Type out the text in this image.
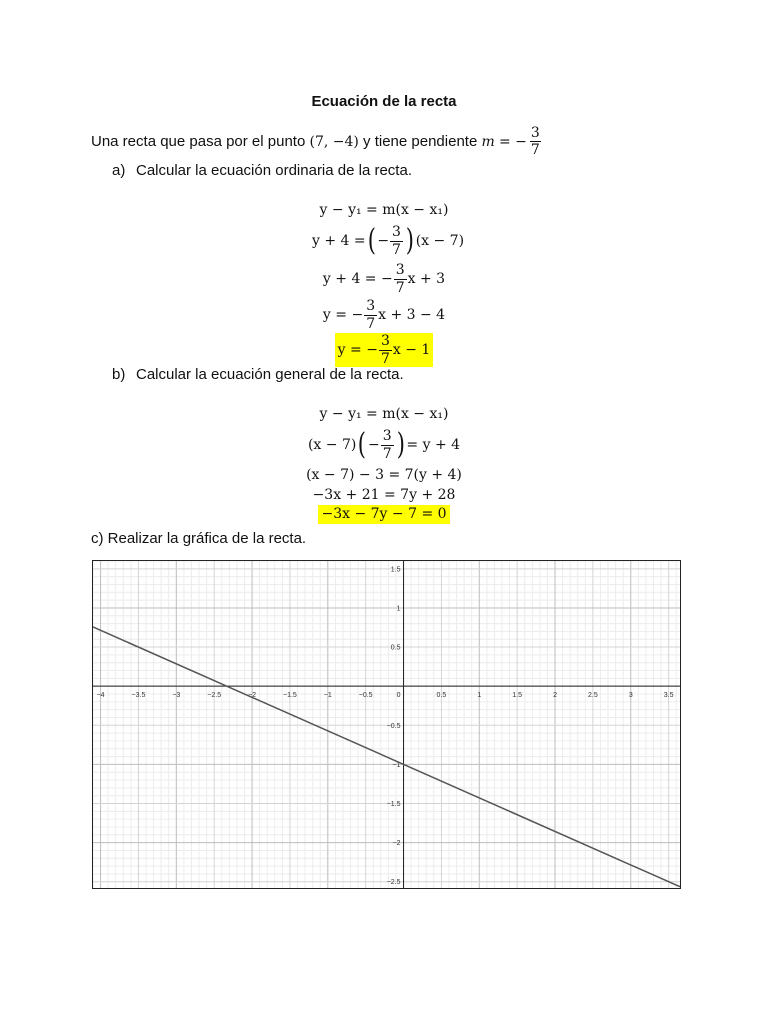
Ecuación de la recta
Una recta que pasa por el punto
(7, −4)
y tiene pendiente
m
= − $\frac{3}{7}$
a) Calcular la ecuación ordinaria de la recta.
y − y₁ = m(x − x₁)
y + 4 = ( − $\frac{3}{7}$ ) (x − 7)
y + 4 = − $\frac{3}{7}$ x + 3
y = − $\frac{3}{7}$ x + 3 − 4
y = − $\frac{3}{7}$ x − 1
b) Calcular la ecuación general de la recta.
y − y₁ = m(x − x₁)
(x − 7) ( − $\frac{3}{7}$ ) = y + 4
(x − 7) − 3 = 7(y + 4)
−3x + 21 = 7y + 28
−3x − 7y − 7 = 0
c) Realizar la gráfica de la recta.
−4	−3.5	−3	−2.5	−2	−1.5	−1	−0.5	0	0.5	1	1.5	2	2.5	3	3.5
1.5
1
0.5
−0.5
−1
−1.5
−2
−2.5
